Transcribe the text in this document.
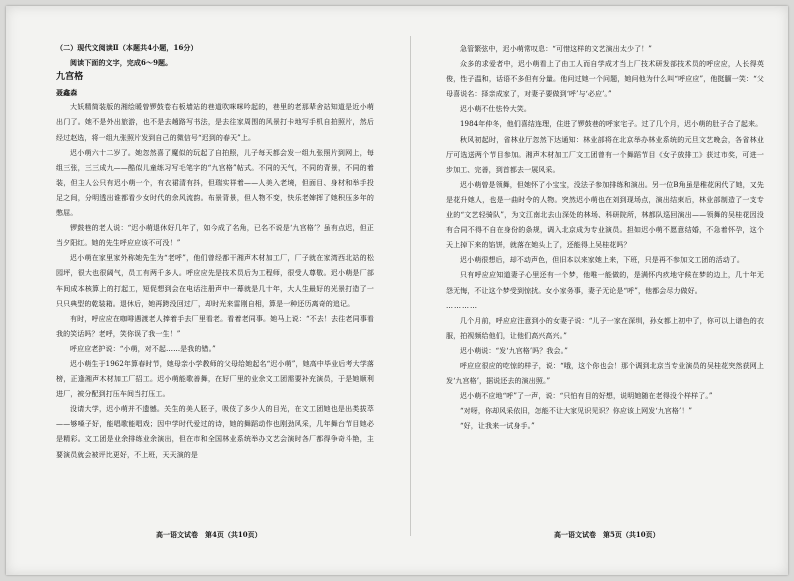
（二）现代文阅读Ⅱ（本题共4小题，16分）

阅读下面的文字，完成6～9题。

九宫格

聂鑫森

大妖精简装版的湘绘暖曾锣鼓卷右板墙站的巷道吹咪咪吟起的，巷里的老那辈舍站知道是近小萌出门了。她不是外出旅游，也不是去趟路写书法，是去往家周围的风景打卡地写手机自拍照片，然后经过赵选，将一组九张照片发到自己的微信号“迟到的春天”上。

迟小萌六十二岁了。她忽然喜了魔似的玩起了自拍照，儿子每天都会发一组九张照片到网上，每组三张，三三成九——酷似儿童练习写毛笔字的“九宫格”帖式。不同的天气，不同的背景，不同的着装，但主人公只有迟小萌一个，有衣裙清有抖，但瑞实祥着——人美入老境，但面目、身材和举手投足之间，分明透出谁都看少女时代的余风流韵。布景背景，但人物不变，快乐老婶挥了她积压多年的憋屈。

锣鼓巷的老人说：“迟小萌退休好几年了，如今成了名角，已名不说是‘九宫格’？虽有点迟，但正当夕阳红。她的先生呼应应该不可没！”

迟小萌在家里家外称她先生为“老呼”，他们曾经都干湘声木材加工厂，厂子就在家湾西北站的松园坪，很大也很阔气，员工有两千多人。呼应应先是技术员后为工程师，很受人尊敬。迟小萌是厂部车间成本核算上的打起工，短促想到会在电话注册声中一幕就是几十年，大人生最好的光景打造了一只只典型的乾装箱。退休后，她再跨没回过厂，却时光来雷刚自相，算是一种还历离奇的追记。

有时，呼应应在咖啡遇渡老人捧着手去厂里看老。看着老同事。她马上说：“不去！去往老同事看我的笑话吗？老呼，笑你误了我一生！”

呼应应老护说：“小萌，对不起……是我的错。”

迟小萌生于1962年算春时节，她母亲小学教师的父母给她起名“迟小萌”，她高中毕业后考大学落榜，正逢湘声木材加工厂招工。迟小萌能歌善舞，在好厂里的业余文工团需要补充演员，于是她顺利进厂，被分配到打压车间当打压工。

没请大学，迟小萌并不遗憾。关生的美人胚子，吸伎了多少人的目光，在文工团她也是出类拔萃——够嗓子好，能唱歌能唱戏；因中学时代爱过的诗，她的舞蹈动作也刚劲风采，几年舞台节目她必是精彩。文工团是业余排练业余演出，但在市和全国林业系统举办文艺会演时各厂都得争奇斗艳，主要演员就会被评比更好，不上班，天天演的是

急管繁弦中，迟小萌常叹息：“可惜这样的文艺演出太少了！”

众多的求爱者中，迟小萌看上了由工人而自学成才当上厂技术研发部技术员的呼应应，人长得英俊，性子温和，话语不多但有分量。他问过她一个问题，她问他为什么叫“呼应应”，他挺腼一笑：“父母喜说名：择亲成家了，对妻子要做到‘呼’与‘必应’。”

迟小萌不仕怯怜大笑。

1984年仲冬，他们喜结连理，住进了锣鼓巷的呼家宅子。过了几个月，迟小萌的肚子合了起来。

秋风初起时，省林业厅忽然下达通知：林业部将在北京举办林业系统的元旦文艺晚会，各省林业厅可选送两个节目参加。湘声木材加工厂文工团曾有一个舞蹈节目《女子放排工》获过市奖，可进一步加工、完善，到首都去一展风采。

迟小萌曾是领舞，但她怀了小宝宝，没法子参加排练和演出。另一位B角虽是稚花闲代了她，又先是花升她人，也是一曲时令的人物。突然迟小萌也在刘到现场点，演出结束后，林业部制造了一支专业的“文艺轻骑队”，为文江南北去山深处的林场、科研院所，林都队巡回演出——领舞的吴桂花因没有合同不得不自在身份的条规，调入北京成为专业演员。担如迟小萌不愿意结婚，不急着怀孕，这个天上掉下来的馅饼，就落在她头上了，还能得上吴桂花吗？

迟小萌很想后，却不动声色，但旧本以来家她上来，下班，只是再不参加文工团的活动了。

只有呼应应知道妻子心里还有一个梦，他唯一能做的，是满怀内疚地守候在梦的边上，几十年无怨无悔，不让这个梦受到惊扰。女小家务事，妻子无论是“呼”，他都会尽力做好。

…………

几个月前，呼应应注意到小的女妻子说：“儿子一家在深圳，孙女都上初中了，你可以上谱色的衣服，拍视频给他们，让他们高兴高兴。”

迟小萌说：“发‘九宫格’吗？我会。”

呼应应很应的吃惊的样子，说：“哦，这个你也会！那个调到北京当专业演员的吴桂花突然获网上发‘九宫格’，据说还去的演出照。”

迟小萌不应地“呼”了一声，说：“只怕有目的好想，说明她随在老得没个样样了。”

“对呀，你却风采依旧，怎能不让大家见识见识？你应该上网发‘九宫格’！”

“好，让我来一试身手。”

高一语文试卷　第4页（共10页）	高一语文试卷　第5页（共10页）
